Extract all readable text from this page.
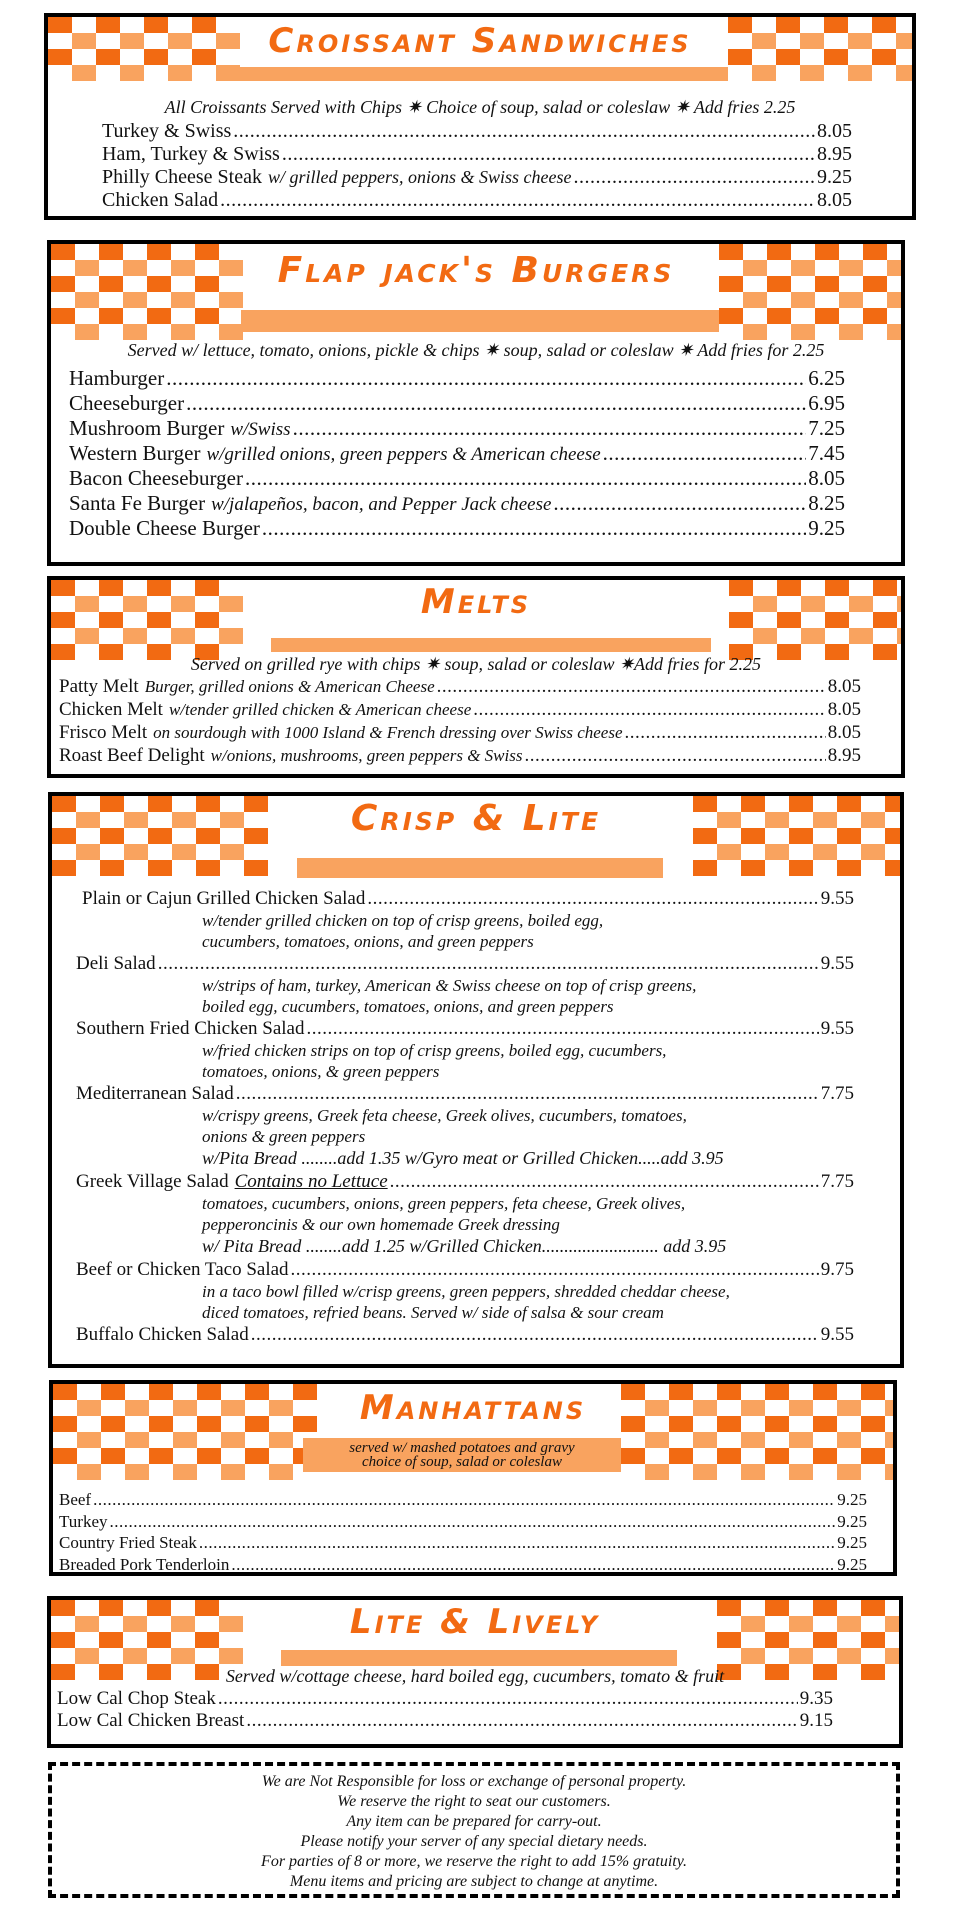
Croissant Sandwiches
All Croissants Served with Chips ✷ Choice of soup, salad or coleslaw ✷ Add fries 2.25
Turkey & Swiss .....	8.05
Ham, Turkey & Swiss .....	8.95
Philly Cheese Steak w/ grilled peppers, onions & Swiss cheese .....	9.25
Chicken Salad .....	8.05
Flap jack's Burgers
Served w/ lettuce, tomato, onions, pickle & chips ✷ soup, salad or coleslaw ✷ Add fries for 2.25
Hamburger .....	6.25
Cheeseburger .....	6.95
Mushroom Burger w/Swiss .....	7.25
Western Burger w/grilled onions, green peppers & American cheese .....	7.45
Bacon Cheeseburger .....	8.05
Santa Fe Burger w/jalapeños, bacon, and Pepper Jack cheese .....	8.25
Double Cheese Burger .....	9.25
Melts
Served on grilled rye with chips ✷ soup, salad or coleslaw ✷Add fries for 2.25
Patty Melt Burger, grilled onions & American Cheese .....	8.05
Chicken Melt w/tender grilled chicken & American cheese .....	8.05
Frisco Melt on sourdough with 1000 Island & French dressing over Swiss cheese .....	8.05
Roast Beef Delight w/onions, mushrooms, green peppers & Swiss .....	8.95
Crisp & Lite
Plain or Cajun Grilled Chicken Salad .....	9.55
w/tender grilled chicken on top of crisp greens, boiled egg,
cucumbers, tomatoes, onions, and green peppers
Deli Salad .....	9.55
w/strips of ham, turkey, American & Swiss cheese on top of crisp greens,
boiled egg, cucumbers, tomatoes, onions, and green peppers
Southern Fried Chicken Salad .....	9.55
w/fried chicken strips on top of crisp greens, boiled egg, cucumbers,
tomatoes, onions, & green peppers
Mediterranean Salad .....	7.75
w/crispy greens, Greek feta cheese, Greek olives, cucumbers, tomatoes,
onions & green peppers
w/Pita Bread ........add 1.35 w/Gyro meat or Grilled Chicken.....add 3.95
Greek Village Salad Contains no Lettuce .....	7.75
tomatoes, cucumbers, onions, green peppers, feta cheese, Greek olives,
pepperoncinis & our own homemade Greek dressing
w/ Pita Bread ........add 1.25 w/Grilled Chicken.......................... add 3.95
Beef or Chicken Taco Salad .....	9.75
in a taco bowl filled w/crisp greens, green peppers, shredded cheddar cheese,
diced tomatoes, refried beans. Served w/ side of salsa & sour cream
Buffalo Chicken Salad .....	9.55
Manhattans
served w/ mashed potatoes and gravy
choice of soup, salad or coleslaw
Beef .....	9.25
Turkey .....	9.25
Country Fried Steak .....	9.25
Breaded Pork Tenderloin .....	9.25
Lite & Lively
Served w/cottage cheese, hard boiled egg, cucumbers, tomato & fruit
Low Cal Chop Steak .....	9.35
Low Cal Chicken Breast .....	9.15
We are Not Responsible for loss or exchange of personal property.
We reserve the right to seat our customers.
Any item can be prepared for carry-out.
Please notify your server of any special dietary needs.
For parties of 8 or more, we reserve the right to add 15% gratuity.
Menu items and pricing are subject to change at anytime.
